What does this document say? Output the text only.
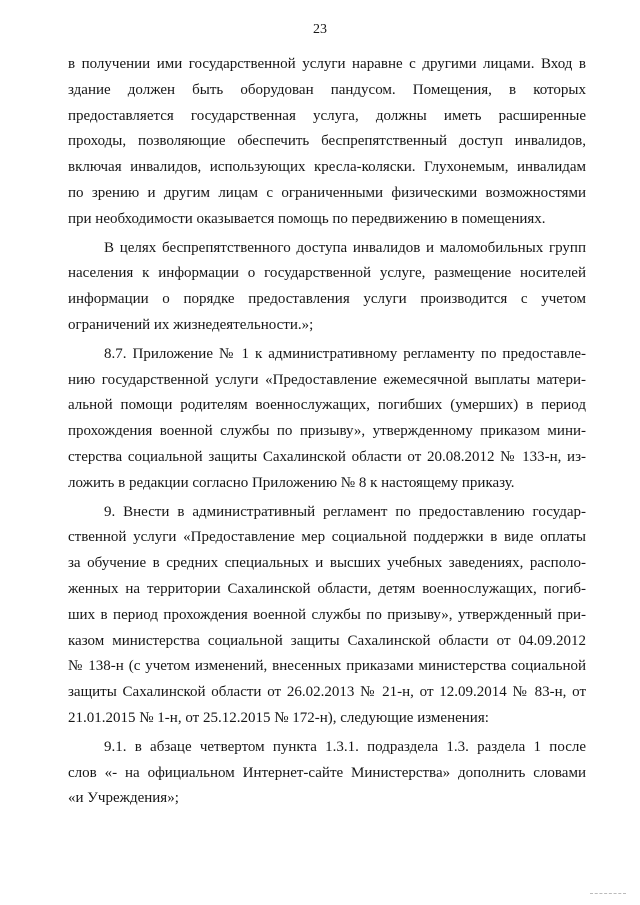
23
в получении ими государственной услуги наравне с другими лицами. Вход в
здание должен быть оборудован пандусом. Помещения, в которых
предоставляется государственная услуга, должны иметь расширенные
проходы, позволяющие обеспечить беспрепятственный доступ инвалидов,
включая инвалидов, использующих кресла-коляски. Глухонемым, инвалидам
по зрению и другим лицам с ограниченными физическими возможностями
при необходимости оказывается помощь по передвижению в помещениях.
В целях беспрепятственного доступа инвалидов и маломобильных групп
населения к информации о государственной услуге, размещение носителей
информации о порядке предоставления услуги производится с учетом
ограничений их жизнедеятельности.»;
8.7. Приложение № 1 к административному регламенту по предоставле-
нию государственной услуги «Предоставление ежемесячной выплаты матери-
альной помощи родителям военнослужащих, погибших (умерших) в период
прохождения военной службы по призыву», утвержденному приказом мини-
стерства социальной защиты Сахалинской области от 20.08.2012 № 133-н, из-
ложить в редакции согласно Приложению № 8 к настоящему приказу.
9. Внести в административный регламент по предоставлению государ-
ственной услуги «Предоставление мер социальной поддержки в виде оплаты
за обучение в средних специальных и высших учебных заведениях, располо-
женных на территории Сахалинской области, детям военнослужащих, погиб-
ших в период прохождения военной службы по призыву», утвержденный при-
казом министерства социальной защиты Сахалинской области от 04.09.2012
№ 138-н (с учетом изменений, внесенных приказами министерства социальной
защиты Сахалинской области от 26.02.2013 № 21-н, от 12.09.2014 № 83-н, от
21.01.2015 № 1-н, от 25.12.2015 № 172-н), следующие изменения:
9.1. в абзаце четвертом пункта 1.3.1. подраздела 1.3. раздела 1 после
слов «- на официальном Интернет-сайте Министерства» дополнить словами
«и Учреждения»;
